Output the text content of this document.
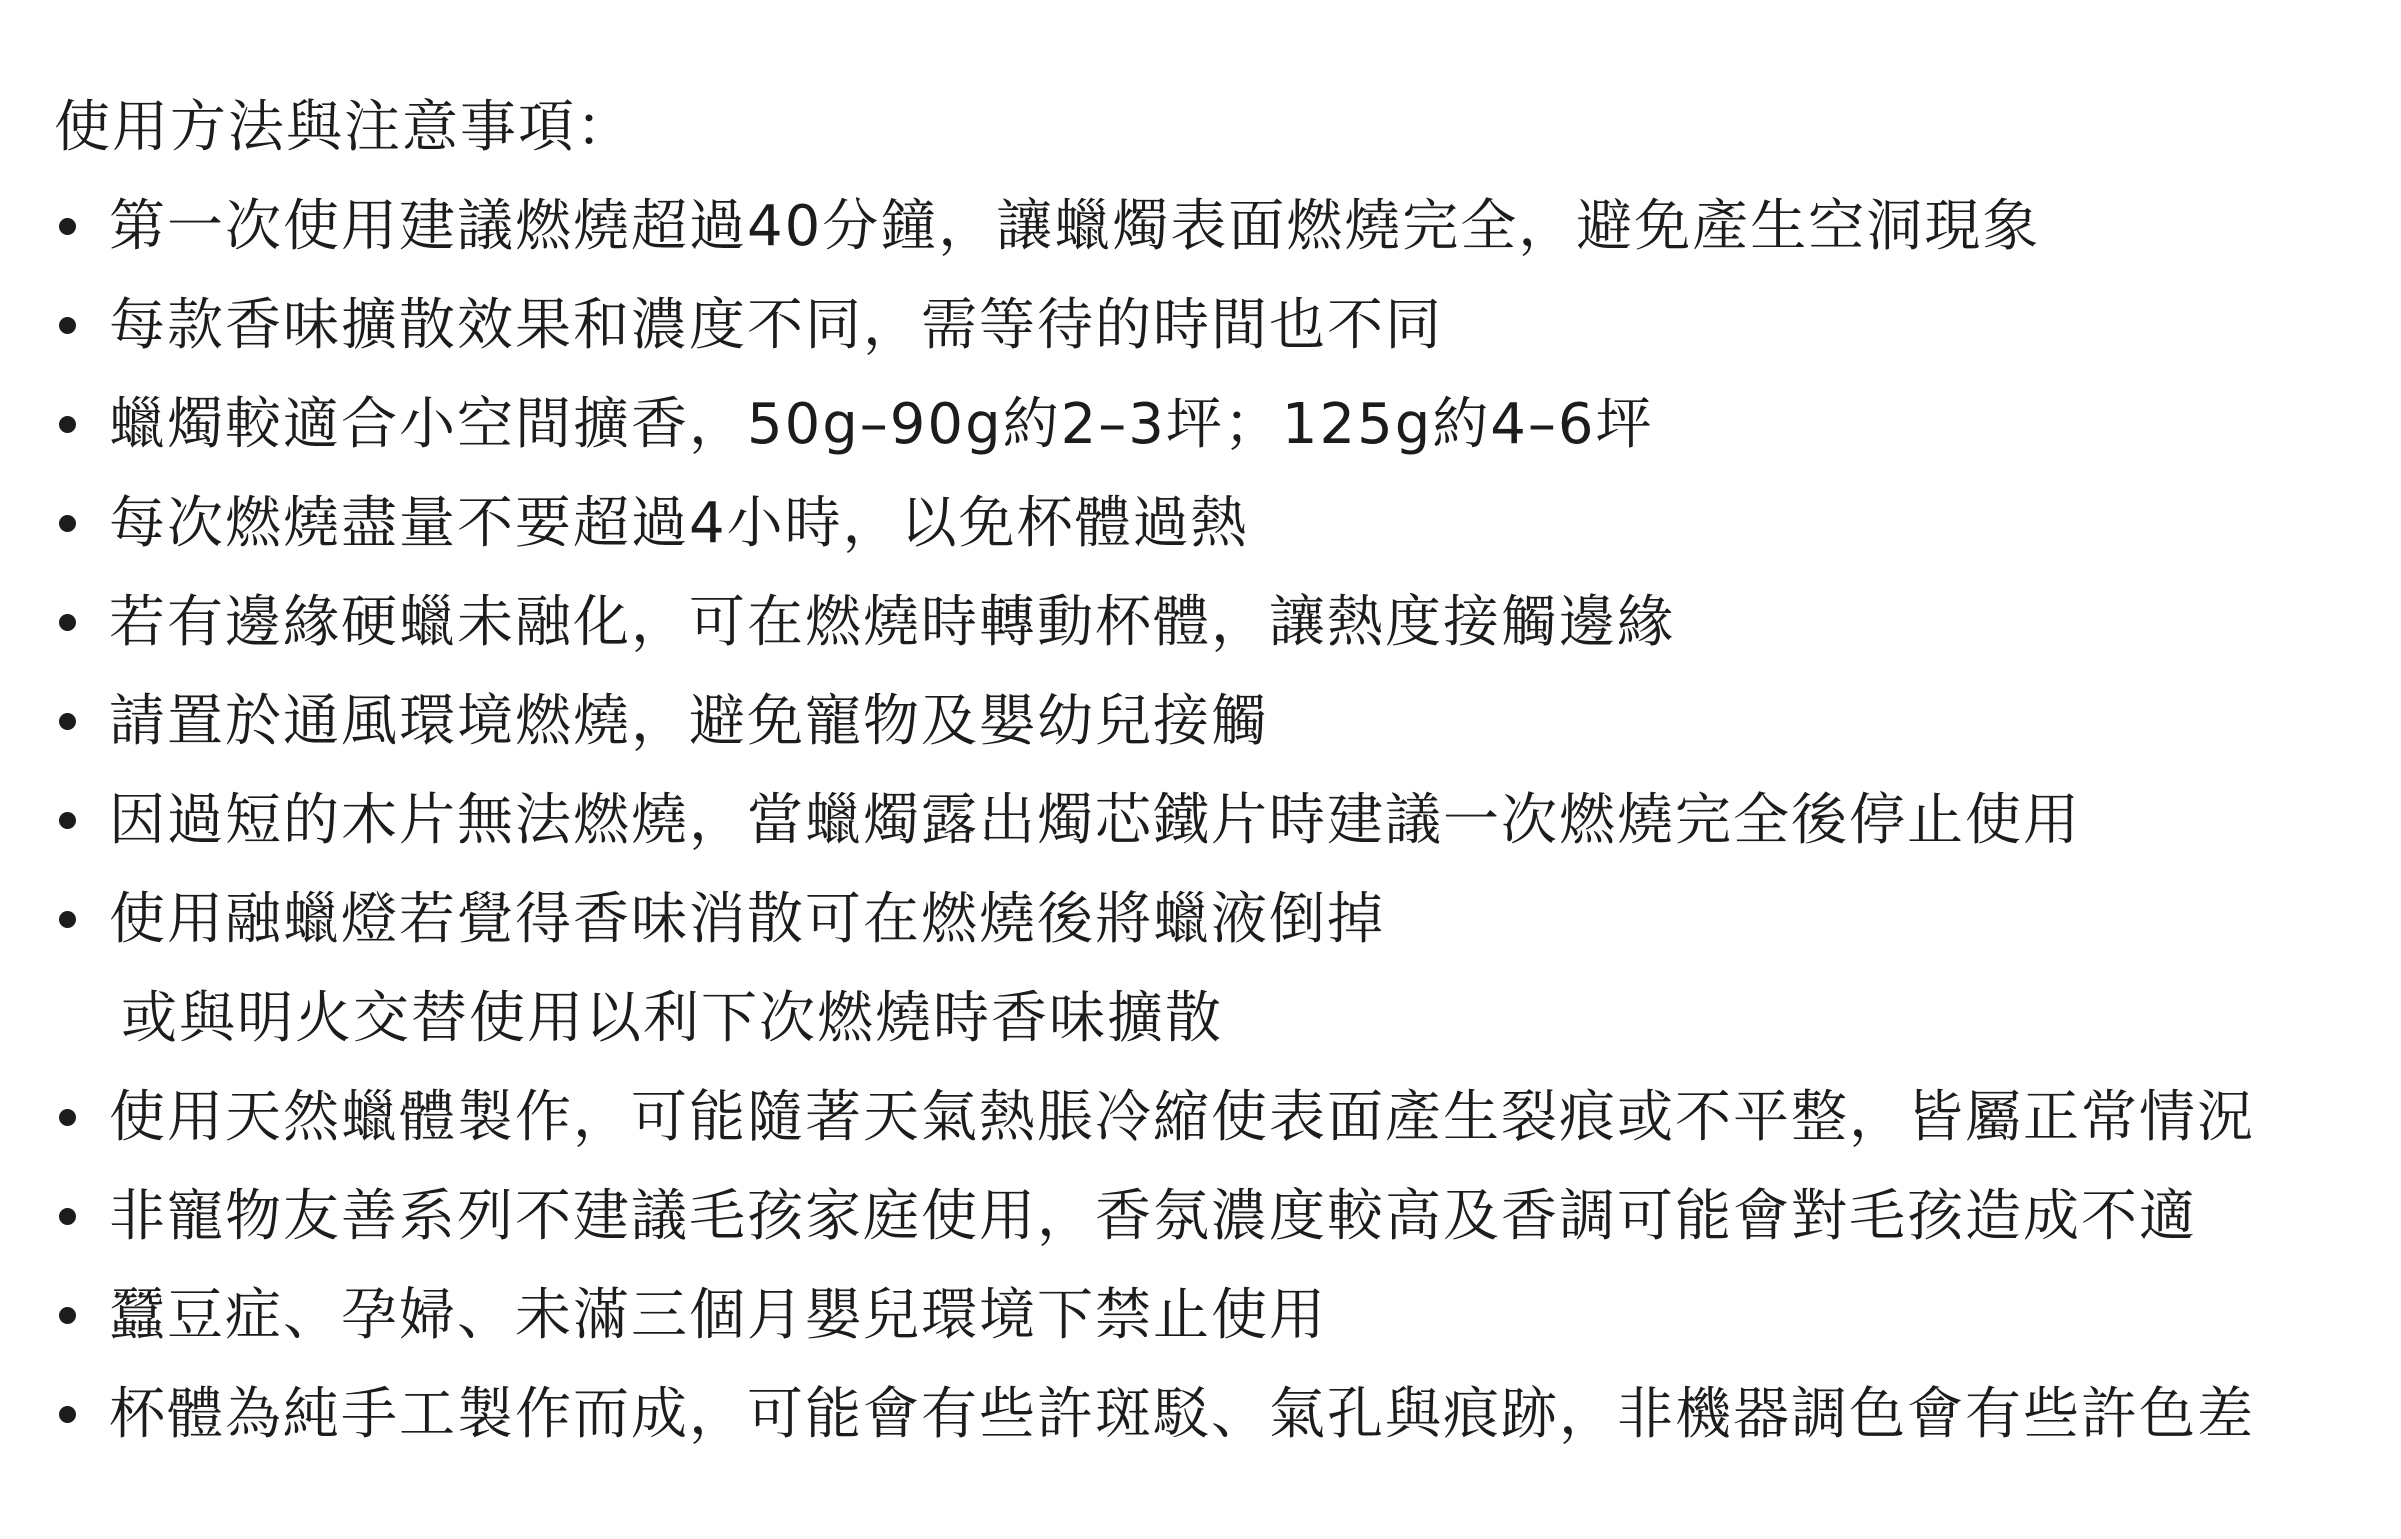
使用方法與注意事項：
第一次使用建議燃燒超過40分鐘，讓蠟燭表面燃燒完全，避免產生空洞現象
每款香味擴散效果和濃度不同，需等待的時間也不同
蠟燭較適合小空間擴香，50g–90g約2–3坪；125g約4–6坪
每次燃燒盡量不要超過4小時，以免杯體過熱
若有邊緣硬蠟未融化，可在燃燒時轉動杯體，讓熱度接觸邊緣
請置於通風環境燃燒，避免寵物及嬰幼兒接觸
因過短的木片無法燃燒，當蠟燭露出燭芯鐵片時建議一次燃燒完全後停止使用
使用融蠟燈若覺得香味消散可在燃燒後將蠟液倒掉
或與明火交替使用以利下次燃燒時香味擴散
使用天然蠟體製作，可能隨著天氣熱脹冷縮使表面產生裂痕或不平整，皆屬正常情況
非寵物友善系列不建議毛孩家庭使用，香氛濃度較高及香調可能會對毛孩造成不適
蠶豆症、孕婦、未滿三個月嬰兒環境下禁止使用
杯體為純手工製作而成，可能會有些許斑駁、氣孔與痕跡，非機器調色會有些許色差
